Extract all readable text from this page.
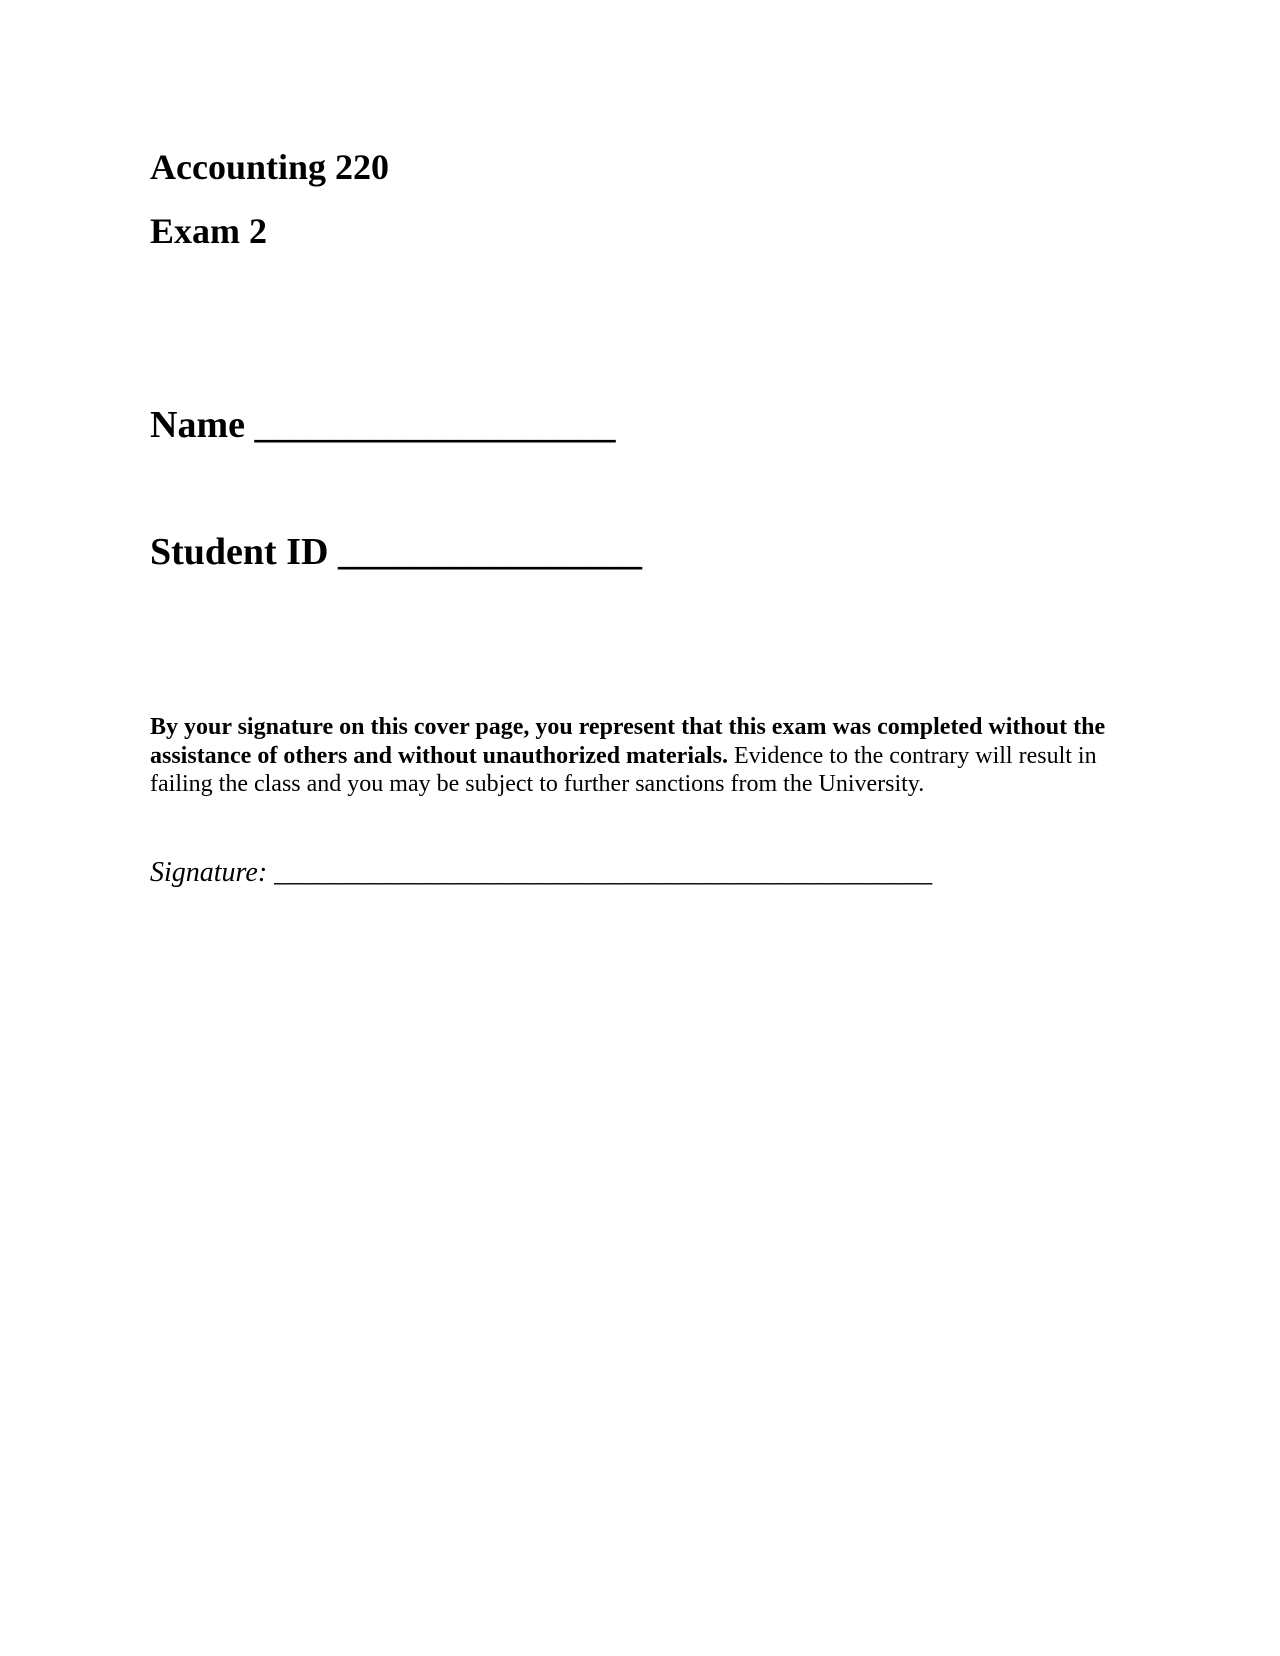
Accounting 220
Exam 2
Name ___________________
Student ID ________________

By your signature on this cover page, you represent that this exam was completed without the assistance of others and without unauthorized materials. Evidence to the contrary will result in failing the class and you may be subject to further sanctions from the University.

Signature: _______________________________________________
